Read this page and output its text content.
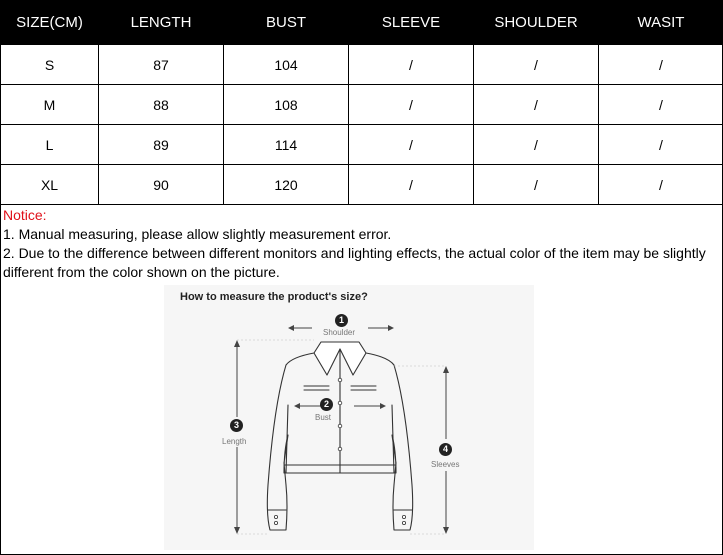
SIZE(CM)	LENGTH	BUST	SLEEVE	SHOULDER	WASIT
S	87	104	/	/	/
M	88	108	/	/	/
L	89	114	/	/	/
XL	90	120	/	/	/
Notice:
1. Manual measuring, please allow slightly measurement error.
2. Due to the difference between different monitors and lighting effects, the actual color of the item may be slightly different from the color shown on the picture.
How to measure the product's size?
1
Shoulder
2
Bust
3
Length
4
Sleeves
